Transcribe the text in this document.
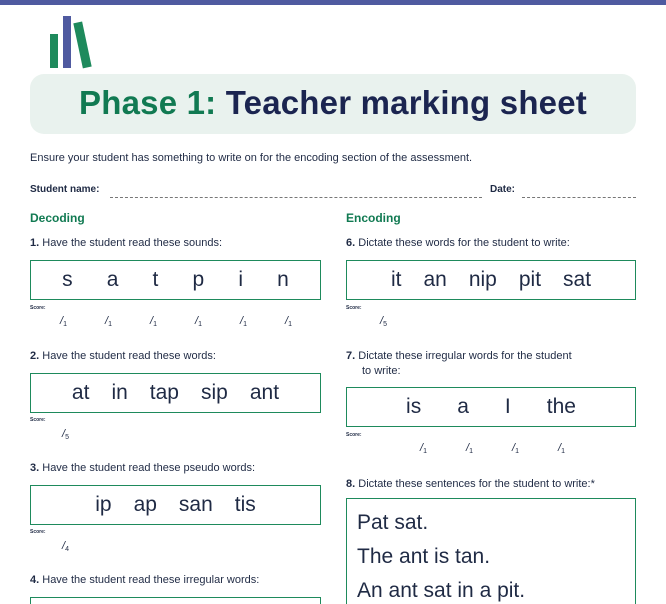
Phase 1: Teacher marking sheet
Ensure your student has something to write on for the encoding section of the assessment.
Student name:	Date:
Decoding
1. Have the student read these sounds:
s a t p i n
Score:
$/_1$	$/_1$	$/_1$	$/_1$	$/_1$	$/_1$
2. Have the student read these words:
at in tap sip ant
Score:
$/_5$
3. Have the student read these pseudo words:
ip ap san tis
Score:
$/_4$
4. Have the student read these irregular words:
Encoding
6. Dictate these words for the student to write:
it an nip pit sat
Score:
$/_5$
7. Dictate these irregular words for the student
to write:
is a I the
Score:
$/_1$	$/_1$	$/_1$	$/_1$
8. Dictate these sentences for the student to write:*
Pat sat.
The ant is tan.
An ant sat in a pit.
